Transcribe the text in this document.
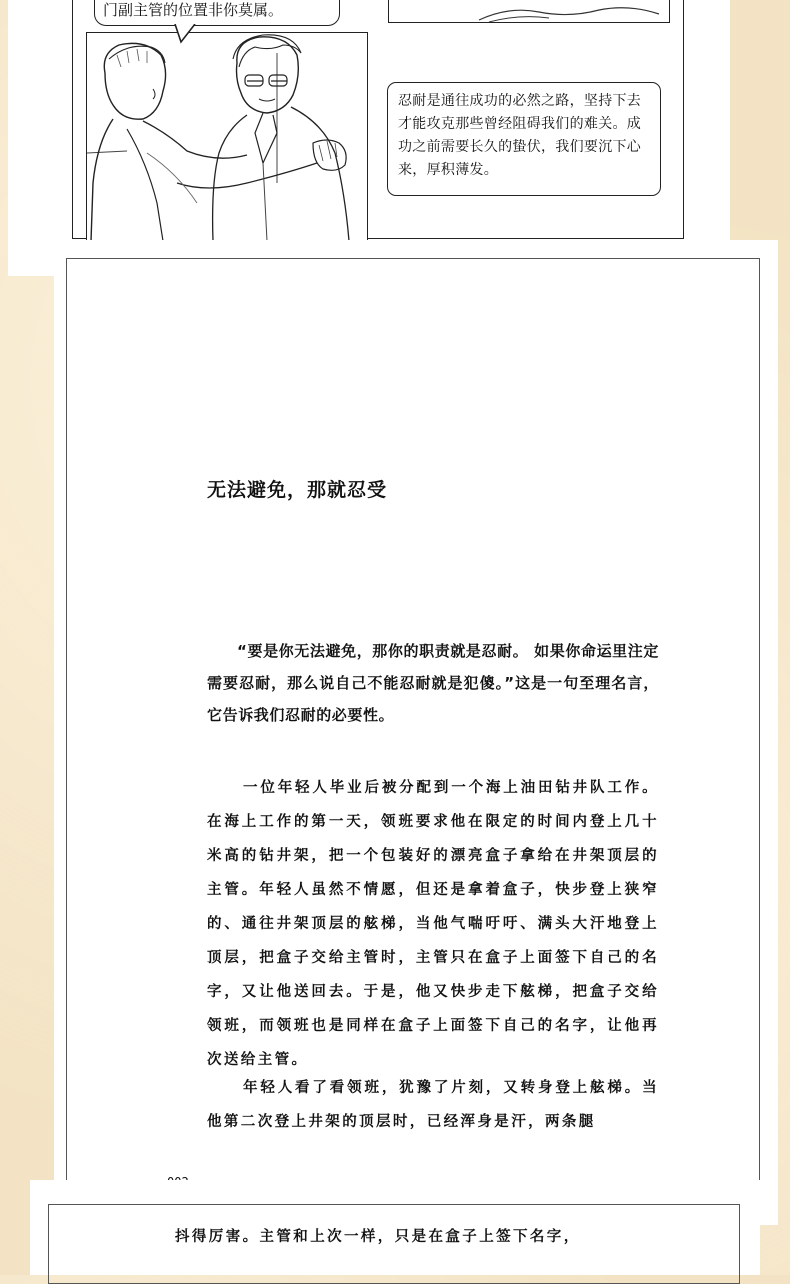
门副主管的位置非你莫属。
忍耐是通往成功的必然之路，坚持下去才能攻克那些曾经阻碍我们的难关。成功之前需要长久的蛰伏，我们要沉下心来，厚积薄发。
无法避免，那就忍受

“要是你无法避免，那你的职责就是忍耐。 如果你命运里注定需要忍耐，那么说自己不能忍耐就是犯傻。”这是一句至理名言，它告诉我们忍耐的必要性。

一位年轻人毕业后被分配到一个海上油田钻井队工作。在海上工作的第一天，领班要求他在限定的时间内登上几十米高的钻井架，把一个包装好的漂亮盒子拿给在井架顶层的主管。年轻人虽然不情愿，但还是拿着盒子，快步登上狭窄的、通往井架顶层的舷梯，当他气喘吁吁、满头大汗地登上顶层，把盒子交给主管时，主管只在盒子上面签下自己的名字，又让他送回去。于是，他又快步走下舷梯，把盒子交给领班，而领班也是同样在盒子上面签下自己的名字，让他再次送给主管。

年轻人看了看领班，犹豫了片刻，又转身登上舷梯。当他第二次登上井架的顶层时，已经浑身是汗，两条腿

抖得厉害。主管和上次一样，只是在盒子上签下名字，
